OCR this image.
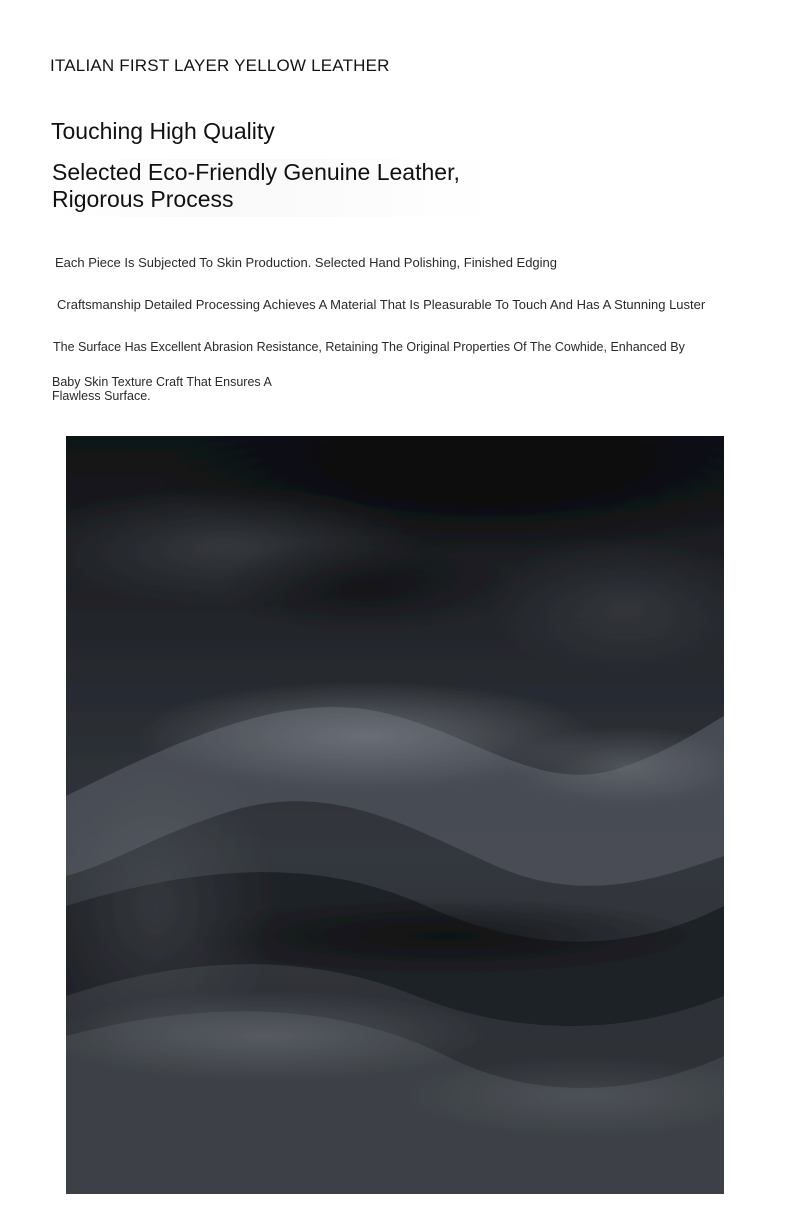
ITALIAN FIRST LAYER YELLOW LEATHER
Touching High Quality
Selected Eco-Friendly Genuine Leather, Rigorous Process
Each Piece Is Subjected To Skin Production. Selected Hand Polishing, Finished Edging
Craftsmanship Detailed Processing Achieves A Material That Is Pleasurable To Touch And Has A Stunning Luster
The Surface Has Excellent Abrasion Resistance, Retaining The Original Properties Of The Cowhide, Enhanced By
Baby Skin Texture Craft That Ensures A Flawless Surface.
